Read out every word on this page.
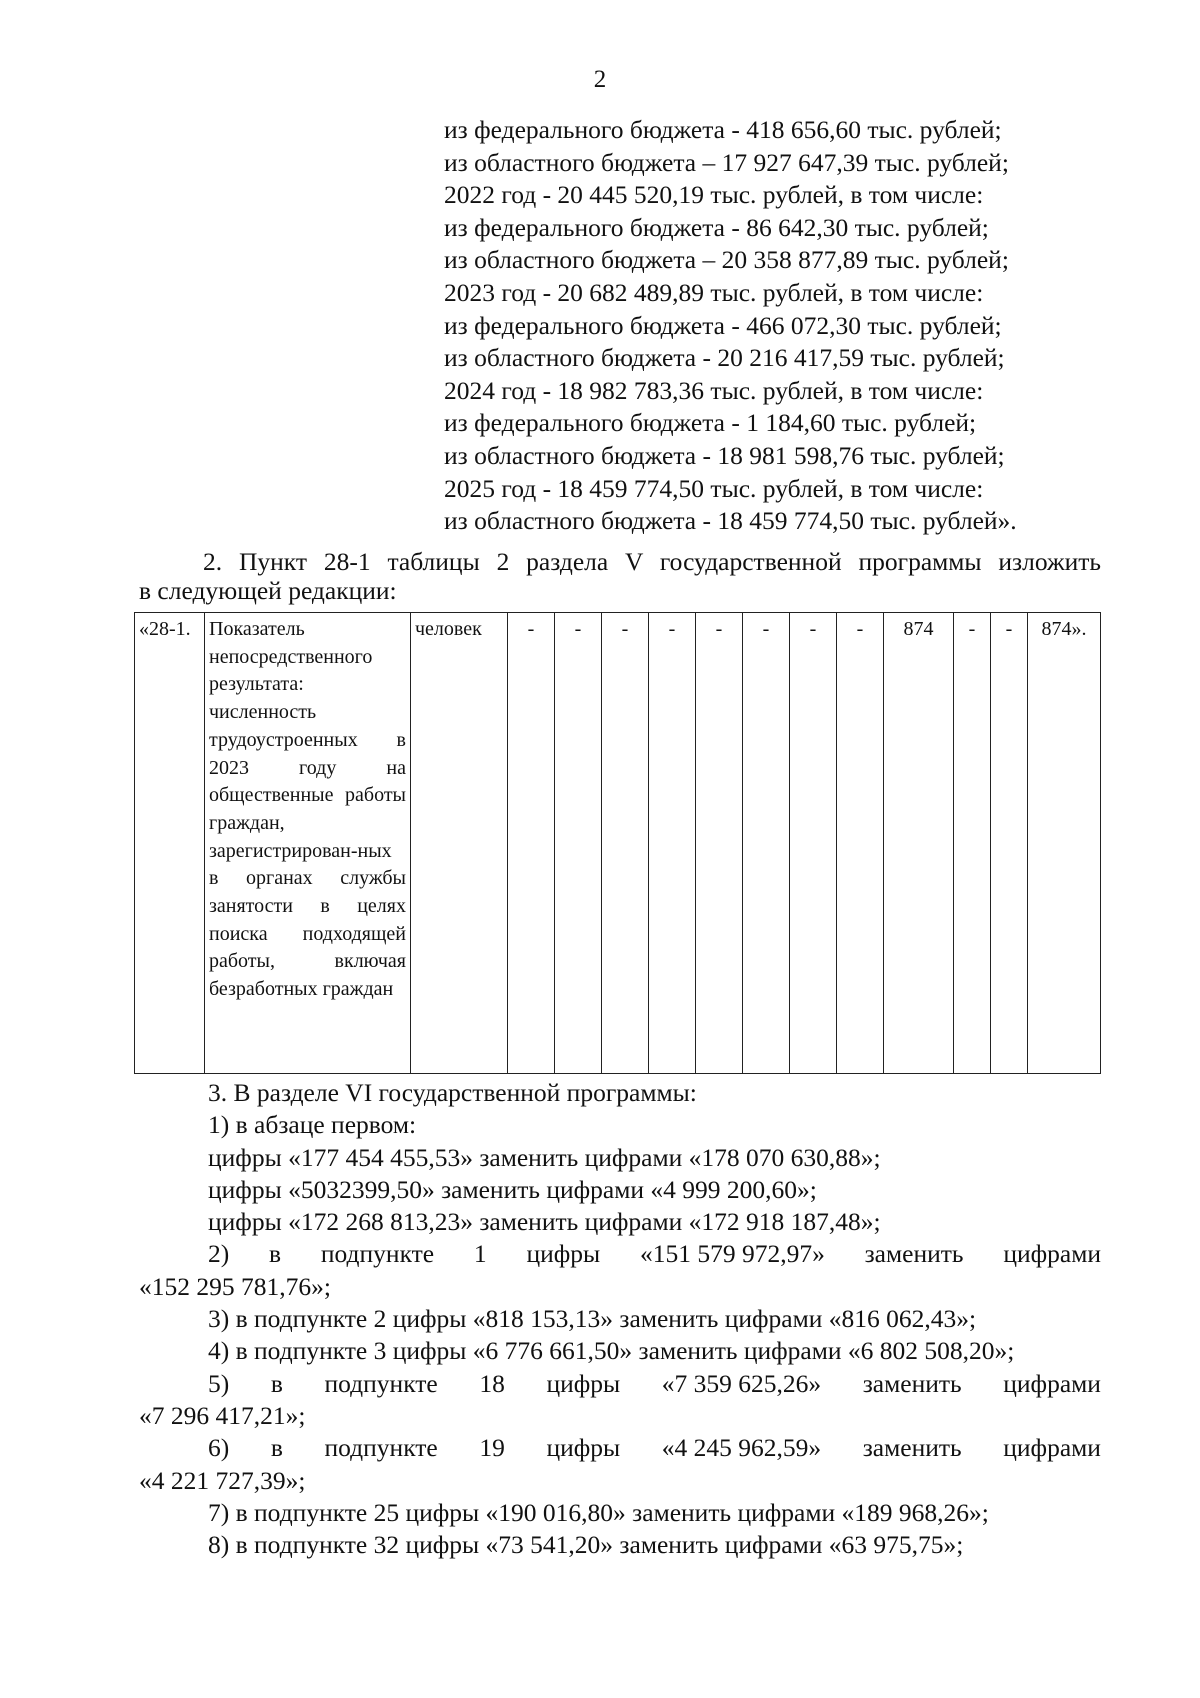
2
из федерального бюджета - 418 656,60 тыс. рублей;
из областного бюджета – 17 927 647,39 тыс. рублей;
2022 год - 20 445 520,19 тыс. рублей, в том числе:
из федерального бюджета - 86 642,30 тыс. рублей;
из областного бюджета – 20 358 877,89 тыс. рублей;
2023 год - 20 682 489,89 тыс. рублей, в том числе:
из федерального бюджета - 466 072,30 тыс. рублей;
из областного бюджета - 20 216 417,59 тыс. рублей;
2024 год - 18 982 783,36 тыс. рублей, в том числе:
из федерального бюджета - 1 184,60 тыс. рублей;
из областного бюджета - 18 981 598,76 тыс. рублей;
2025 год - 18 459 774,50 тыс. рублей, в том числе:
из областного бюджета - 18 459 774,50 тыс. рублей».
2. Пункт 28-1 таблицы 2 раздела V государственной программы изложить
в следующей редакции:
«28-1.	Показатель непосредственного результата: численность трудоустроенных в 2023 году на общественные работы граждан, зарегистрирован-ных в органах службы занятости в целях поиска подходящей работы, включая безработных граждан	человек	-	-	-	-	-	-	-	-	874	-	-	874».
3. В разделе VI государственной программы:
1) в абзаце первом:
цифры «177 454 455,53» заменить цифрами «178 070 630,88»;
цифры «5032399,50» заменить цифрами «4 999 200,60»;
цифры «172 268 813,23» заменить цифрами «172 918 187,48»;
2) в подпункте 1 цифры «151 579 972,97» заменить цифрами
«152 295 781,76»;
3) в подпункте 2 цифры «818 153,13» заменить цифрами «816 062,43»;
4) в подпункте 3 цифры «6 776 661,50» заменить цифрами «6 802 508,20»;
5) в подпункте 18 цифры «7 359 625,26» заменить цифрами
«7 296 417,21»;
6) в подпункте 19 цифры «4 245 962,59» заменить цифрами
«4 221 727,39»;
7) в подпункте 25 цифры «190 016,80» заменить цифрами «189 968,26»;
8) в подпункте 32 цифры «73 541,20» заменить цифрами «63 975,75»;
